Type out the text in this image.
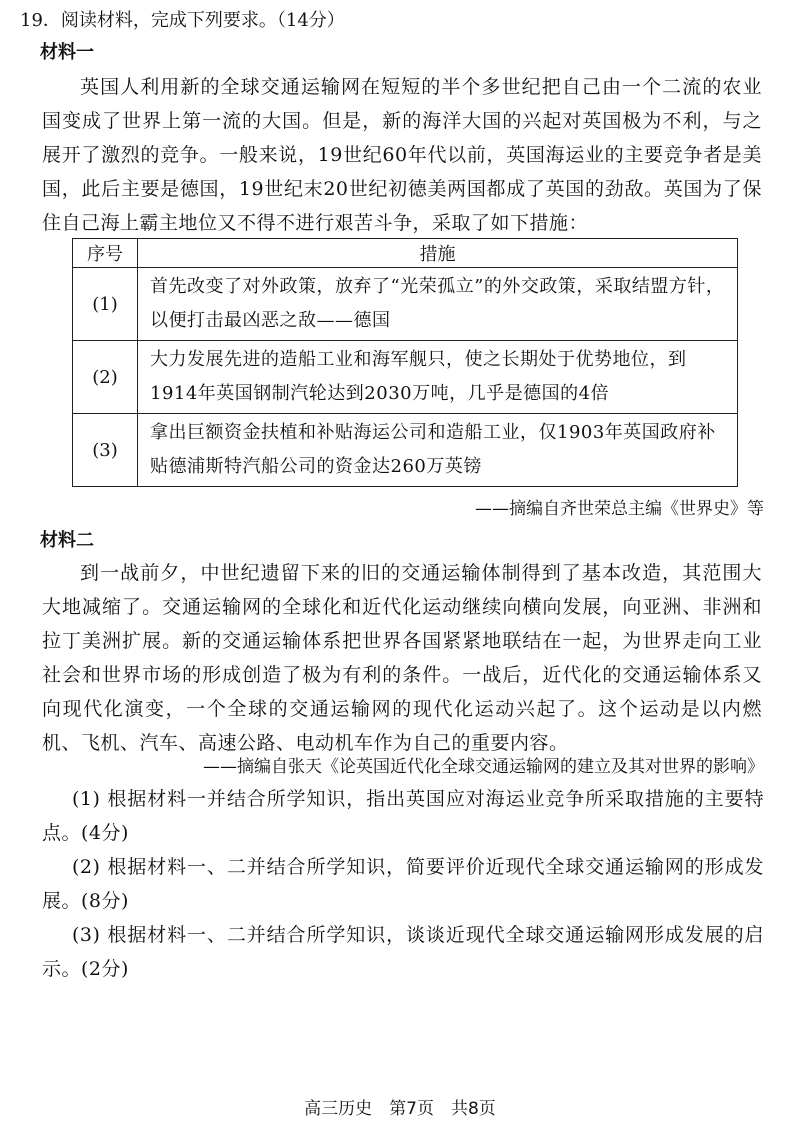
19．阅读材料，完成下列要求。（14分）
材料一
英国人利用新的全球交通运输网在短短的半个多世纪把自己由一个二流的农业国变成了世界上第一流的大国。但是，新的海洋大国的兴起对英国极为不利，与之展开了激烈的竞争。一般来说，19世纪60年代以前，英国海运业的主要竞争者是美国，此后主要是德国，19世纪末20世纪初德美两国都成了英国的劲敌。英国为了保住自己海上霸主地位又不得不进行艰苦斗争，采取了如下措施：
序号	措施
(1)	首先改变了对外政策，放弃了“光荣孤立”的外交政策，采取结盟方针，以便打击最凶恶之敌——德国
(2)	大力发展先进的造船工业和海军舰只，使之长期处于优势地位，到1914年英国钢制汽轮达到2030万吨，几乎是德国的4倍
(3)	拿出巨额资金扶植和补贴海运公司和造船工业，仅1903年英国政府补贴德浦斯特汽船公司的资金达260万英镑
——摘编自齐世荣总主编《世界史》等
材料二
到一战前夕，中世纪遗留下来的旧的交通运输体制得到了基本改造，其范围大大地减缩了。交通运输网的全球化和近代化运动继续向横向发展，向亚洲、非洲和拉丁美洲扩展。新的交通运输体系把世界各国紧紧地联结在一起，为世界走向工业社会和世界市场的形成创造了极为有利的条件。一战后，近代化的交通运输体系又向现代化演变，一个全球的交通运输网的现代化运动兴起了。这个运动是以内燃机、飞机、汽车、高速公路、电动机车作为自己的重要内容。
——摘编自张天《论英国近代化全球交通运输网的建立及其对世界的影响》
(1) 根据材料一并结合所学知识，指出英国应对海运业竞争所采取措施的主要特点。(4分)
(2) 根据材料一、二并结合所学知识，简要评价近现代全球交通运输网的形成发展。(8分)
(3) 根据材料一、二并结合所学知识，谈谈近现代全球交通运输网形成发展的启示。(2分)
高三历史　第7页　共8页
